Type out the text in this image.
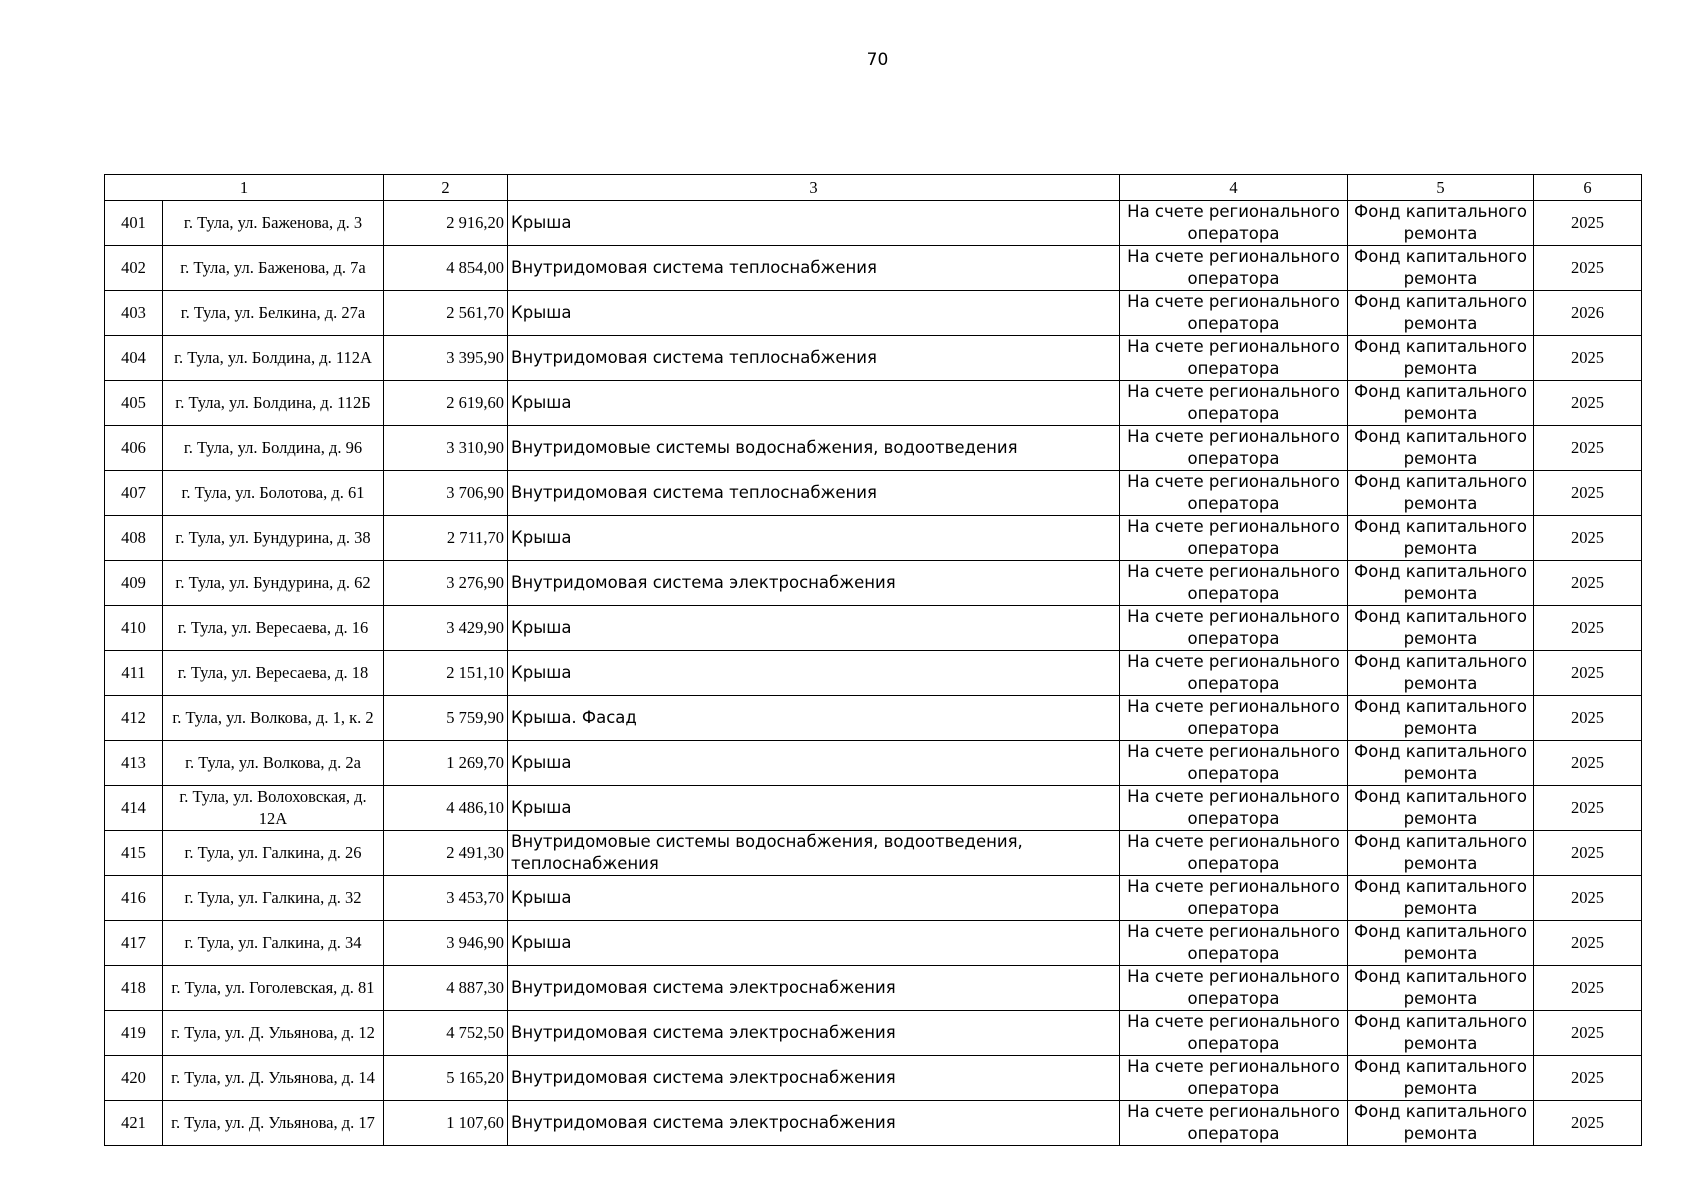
70
1		2	3	4	5	6
401	г. Тула, ул. Баженова, д. 3	2 916,20	Крыша	На счете регионального оператора	Фонд капитального ремонта	2025
402	г. Тула, ул. Баженова, д. 7а	4 854,00	Внутридомовая система теплоснабжения	На счете регионального оператора	Фонд капитального ремонта	2025
403	г. Тула, ул. Белкина, д. 27а	2 561,70	Крыша	На счете регионального оператора	Фонд капитального ремонта	2026
404	г. Тула, ул. Болдина, д. 112А	3 395,90	Внутридомовая система теплоснабжения	На счете регионального оператора	Фонд капитального ремонта	2025
405	г. Тула, ул. Болдина, д. 112Б	2 619,60	Крыша	На счете регионального оператора	Фонд капитального ремонта	2025
406	г. Тула, ул. Болдина, д. 96	3 310,90	Внутридомовые системы водоснабжения, водоотведения	На счете регионального оператора	Фонд капитального ремонта	2025
407	г. Тула, ул. Болотова, д. 61	3 706,90	Внутридомовая система теплоснабжения	На счете регионального оператора	Фонд капитального ремонта	2025
408	г. Тула, ул. Бундурина, д. 38	2 711,70	Крыша	На счете регионального оператора	Фонд капитального ремонта	2025
409	г. Тула, ул. Бундурина, д. 62	3 276,90	Внутридомовая система электроснабжения	На счете регионального оператора	Фонд капитального ремонта	2025
410	г. Тула, ул. Вересаева, д. 16	3 429,90	Крыша	На счете регионального оператора	Фонд капитального ремонта	2025
411	г. Тула, ул. Вересаева, д. 18	2 151,10	Крыша	На счете регионального оператора	Фонд капитального ремонта	2025
412	г. Тула, ул. Волкова, д. 1, к. 2	5 759,90	Крыша. Фасад	На счете регионального оператора	Фонд капитального ремонта	2025
413	г. Тула, ул. Волкова, д. 2а	1 269,70	Крыша	На счете регионального оператора	Фонд капитального ремонта	2025
414	г. Тула, ул. Волоховская, д. 12А	4 486,10	Крыша	На счете регионального оператора	Фонд капитального ремонта	2025
415	г. Тула, ул. Галкина, д. 26	2 491,30	Внутридомовые системы водоснабжения, водоотведения, теплоснабжения	На счете регионального оператора	Фонд капитального ремонта	2025
416	г. Тула, ул. Галкина, д. 32	3 453,70	Крыша	На счете регионального оператора	Фонд капитального ремонта	2025
417	г. Тула, ул. Галкина, д. 34	3 946,90	Крыша	На счете регионального оператора	Фонд капитального ремонта	2025
418	г. Тула, ул. Гоголевская, д. 81	4 887,30	Внутридомовая система электроснабжения	На счете регионального оператора	Фонд капитального ремонта	2025
419	г. Тула, ул. Д. Ульянова, д. 12	4 752,50	Внутридомовая система электроснабжения	На счете регионального оператора	Фонд капитального ремонта	2025
420	г. Тула, ул. Д. Ульянова, д. 14	5 165,20	Внутридомовая система электроснабжения	На счете регионального оператора	Фонд капитального ремонта	2025
421	г. Тула, ул. Д. Ульянова, д. 17	1 107,60	Внутридомовая система электроснабжения	На счете регионального оператора	Фонд капитального ремонта	2025
